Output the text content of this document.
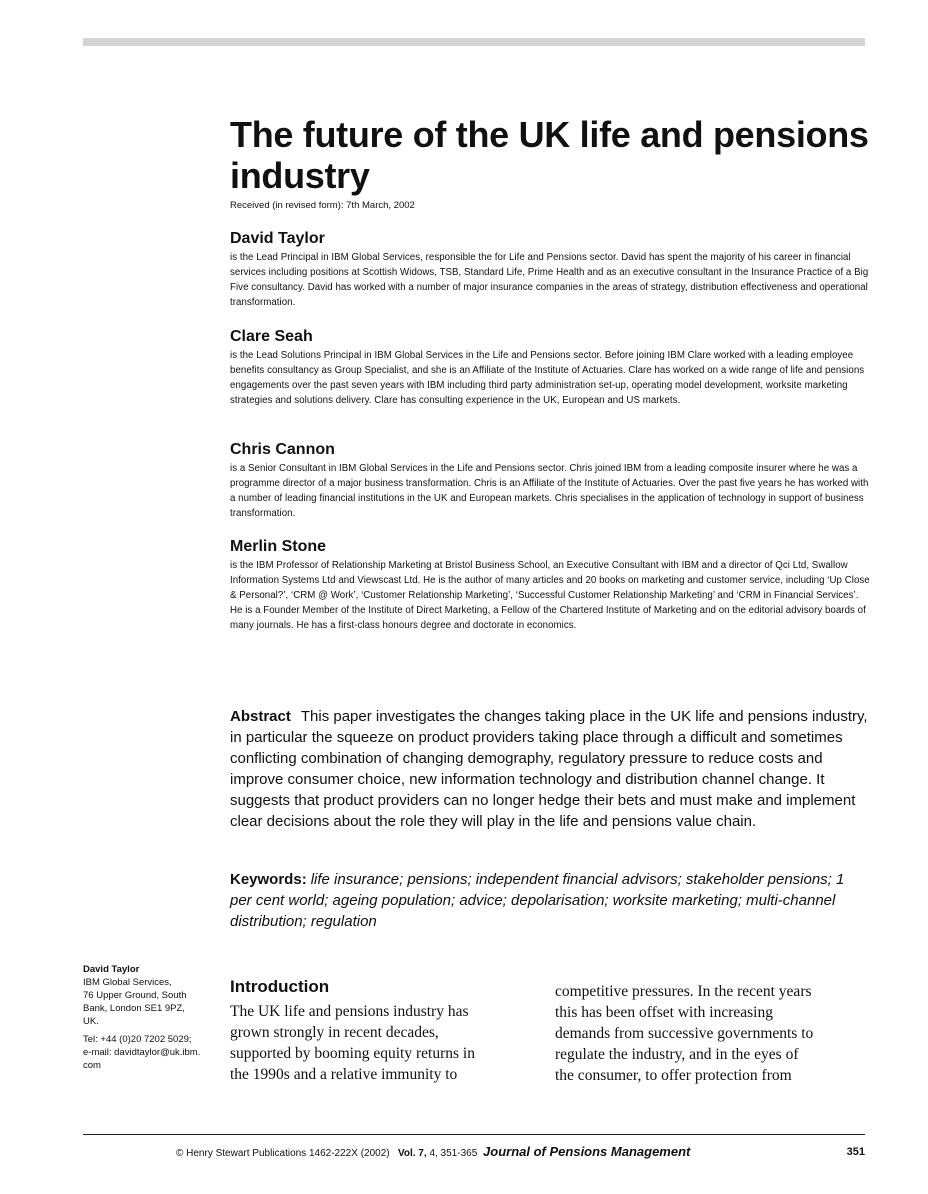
The future of the UK life and pensions industry
Received (in revised form): 7th March, 2002

David Taylor

is the Lead Principal in IBM Global Services, responsible the for Life and Pensions sector. David has spent the majority of his career in financial services including positions at Scottish Widows, TSB, Standard Life, Prime Health and as an executive consultant in the Insurance Practice of a Big Five consultancy. David has worked with a number of major insurance companies in the areas of strategy, distribution effectiveness and operational transformation.

Clare Seah

is the Lead Solutions Principal in IBM Global Services in the Life and Pensions sector. Before joining IBM Clare worked with a leading employee benefits consultancy as Group Specialist, and she is an Affiliate of the Institute of Actuaries. Clare has worked on a wide range of life and pensions engagements over the past seven years with IBM including third party administration set-up, operating model development, worksite marketing strategies and solutions delivery. Clare has consulting experience in the UK, European and US markets.

Chris Cannon

is a Senior Consultant in IBM Global Services in the Life and Pensions sector. Chris joined IBM from a leading composite insurer where he was a programme director of a major business transformation. Chris is an Affiliate of the Institute of Actuaries. Over the past five years he has worked with a number of leading financial institutions in the UK and European markets. Chris specialises in the application of technology in support of business transformation.

Merlin Stone

is the IBM Professor of Relationship Marketing at Bristol Business School, an Executive Consultant with IBM and a director of Qci Ltd, Swallow Information Systems Ltd and Viewscast Ltd. He is the author of many articles and 20 books on marketing and customer service, including ‘Up Close & Personal?’, ‘CRM @ Work’, ‘Customer Relationship Marketing’, ‘Successful Customer Relationship Marketing’ and ‘CRM in Financial Services’. He is a Founder Member of the Institute of Direct Marketing, a Fellow of the Chartered Institute of Marketing and on the editorial advisory boards of many journals. He has a first-class honours degree and doctorate in economics.

Abstract This paper investigates the changes taking place in the UK life and pensions industry, in particular the squeeze on product providers taking place through a difficult and sometimes conflicting combination of changing demography, regulatory pressure to reduce costs and improve consumer choice, new information technology and distribution channel change. It suggests that product providers can no longer hedge their bets and must make and implement clear decisions about the role they will play in the life and pensions value chain.

Keywords: life insurance; pensions; independent financial advisors; stakeholder pensions; 1 per cent world; ageing population; advice; depolarisation; worksite marketing; multi-channel distribution; regulation

David Taylor
IBM Global Services,
76 Upper Ground, South
Bank, London SE1 9PZ,
UK.
Tel: +44 (0)20 7202 5029;
e-mail: davidtaylor@uk.ibm.
com
Introduction
The UK life and pensions industry has
grown strongly in recent decades,
supported by booming equity returns in
the 1990s and a relative immunity to
competitive pressures. In the recent years
this has been offset with increasing
demands from successive governments to
regulate the industry, and in the eyes of
the consumer, to offer protection from
© Henry Stewart Publications 1462-222X (2002) Vol. 7, 4, 351-365 Journal of Pensions Management	351
